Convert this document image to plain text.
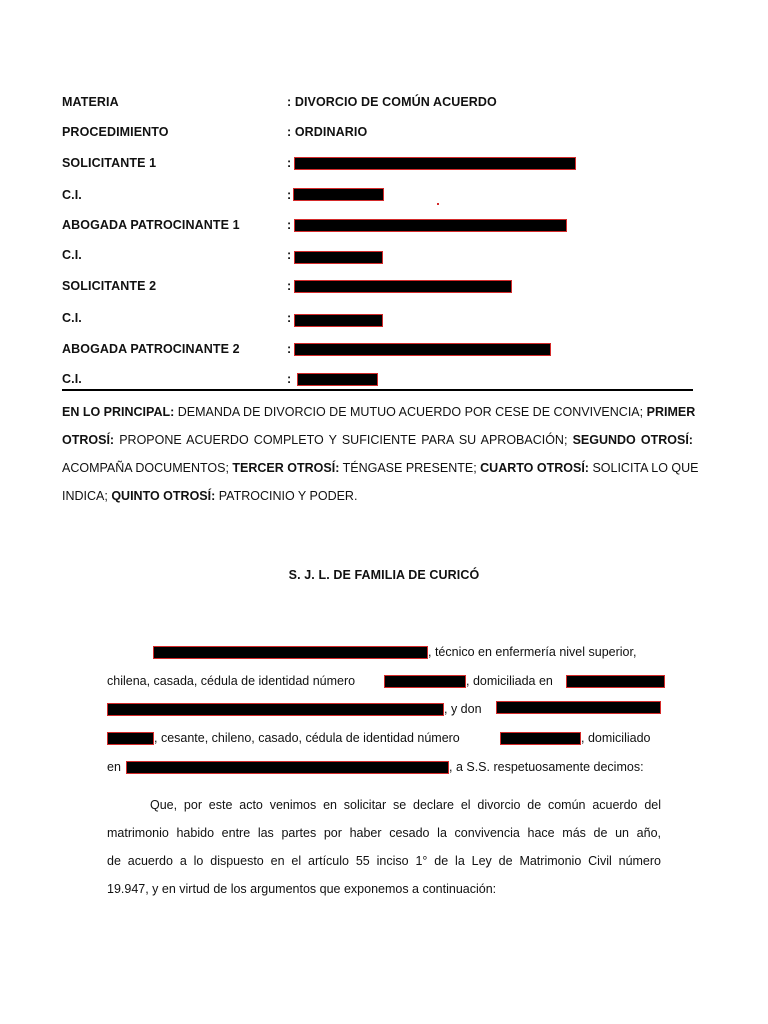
MATERIA	: DIVORCIO DE COMÚN ACUERDO
PROCEDIMIENTO	: ORDINARIO
SOLICITANTE 1	:
C.I.	:
ABOGADA PATROCINANTE 1	:
C.I.	:
SOLICITANTE 2	:
C.I.	:
ABOGADA PATROCINANTE 2	:
C.I.	:
EN LO PRINCIPAL: DEMANDA DE DIVORCIO DE MUTUO ACUERDO POR CESE DE CONVIVENCIA; PRIMER
OTROSÍ: PROPONE ACUERDO COMPLETO Y SUFICIENTE PARA SU APROBACIÓN; SEGUNDO OTROSÍ:
ACOMPAÑA DOCUMENTOS; TERCER OTROSÍ: TÉNGASE PRESENTE; CUARTO OTROSÍ: SOLICITA LO QUE
INDICA; QUINTO OTROSÍ: PATROCINIO Y PODER.
S. J. L. DE FAMILIA DE CURICÓ
, técnico en enfermería nivel superior,
chilena, casada, cédula de identidad número	, domiciliada en
, y don
, cesante, chileno, casado, cédula de identidad número	, domiciliado
en	, a S.S. respetuosamente decimos:
Que, por este acto venimos en solicitar se declare el divorcio de común acuerdo del
matrimonio habido entre las partes por haber cesado la convivencia hace más de un año,
de acuerdo a lo dispuesto en el artículo 55 inciso 1° de la Ley de Matrimonio Civil número
19.947, y en virtud de los argumentos que exponemos a continuación:
